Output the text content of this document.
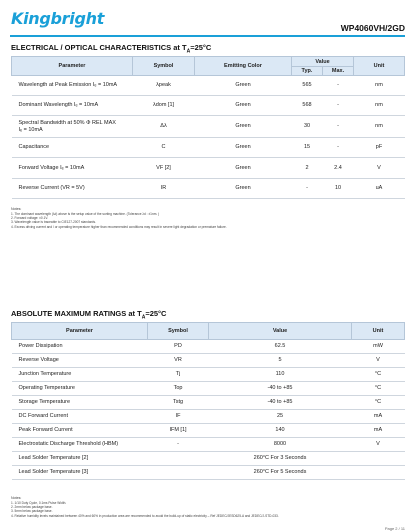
Kingbright	WP4060VH/2GD
ELECTRICAL / OPTICAL CHARACTERISTICS at $T_A=25^\circ C$
Parameter	Symbol	Emitting Color	Value		Unit
			Typ.	Max.	
Wavelength at Peak Emission Iₑ = 10mA	λpeak	Green	565	-	nm
Dominant Wavelength Iₑ = 10mA	λdom [1]	Green	568	-	nm

Spectral Bandwidth at 50% Φ REL MAX
Iₑ = 10mA	Δλ	Green	30	-	nm
Capacitance	C	Green	15	-	pF
Forward Voltage Iₑ = 10mA	VF [2]	Green	2	2.4	V
Reverse Current (VR = 5V)	IR	Green	-	10	uA
Notes:
1. The dominant wavelength (λd) above is the setup value of the sorting machine. (Tolerance λd : ±1nm. )
2. Forward voltage: ±0.1V.
3. Wavelength value is traceable to CIE127-2007 standards.
4. Excess driving current and / or operating temperature higher than recommended conditions may result in severe light degradation or premature failure.
ABSOLUTE MAXIMUM RATINGS at $T_A=25^\circ C$
Parameter	Symbol	Value	Unit
Power Dissipation	PD	62.5	mW
Reverse Voltage	VR	5	V
Junction Temperature	Tj	110	°C
Operating Temperature	Top	-40 to +85	°C
Storage Temperature	Tstg	-40 to +85	°C
DC Forward Current	IF	25	mA
Peak Forward Current	IFM [1]	140	mA
Electrostatic Discharge Threshold (HBM)	-	8000	V
Lead Solder Temperature [2]		260°C For 3 Seconds	
Lead Solder Temperature [3]		260°C For 5 Seconds	
Notes:
1. 1/10 Duty Cycle, 0.1ms Pulse Width.
2. 2mm below package base.
3. 5mm below package base.
4. Relative humidity levels maintained between 40% and 60% in production area are recommended to avoid the build-up of static electricity – Ref JEDEC/JESD625-A and JEDEC/J-STD-033.
Page 2 / 11
